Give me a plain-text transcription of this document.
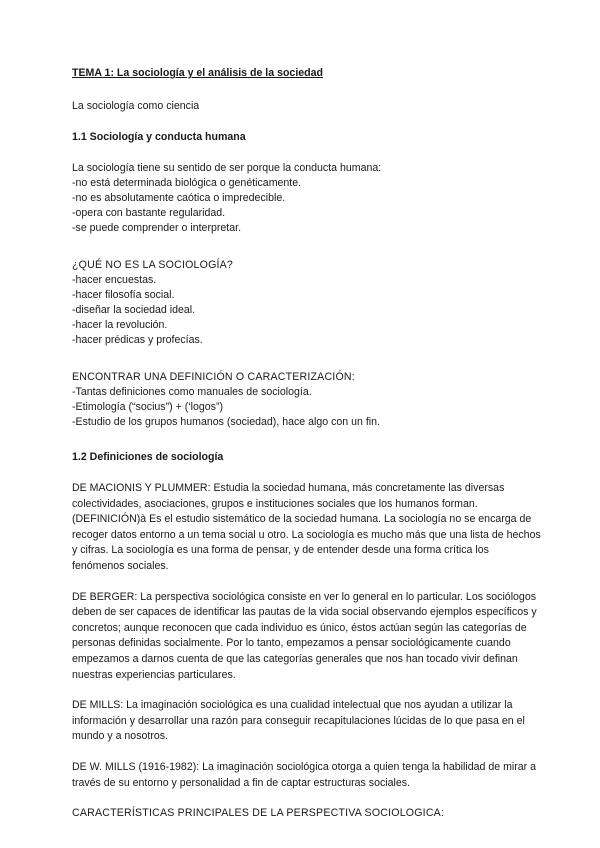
TEMA 1: La sociología y el análisis de la sociedad
La sociología como ciencia
1.1 Sociología y conducta humana
La sociología tiene su sentido de ser porque la conducta humana:
-no está determinada biológica o genéticamente.
-no es absolutamente caótica o impredecible.
-opera con bastante regularidad.
-se puede comprender o interpretar.
¿QUÉ NO ES LA SOCIOLOGÍA?
-hacer encuestas.
-hacer filosofía social.
-diseñar la sociedad ideal.
-hacer la revolución.
-hacer prédicas y profecías.
ENCONTRAR UNA DEFINICIÓN O CARACTERIZACIÓN:
-Tantas definiciones como manuales de sociología.
-Etimología (“socius”) + (‘logos”)
-Estudio de los grupos humanos (sociedad), hace algo con un fin.
1.2 Definiciones de sociología
DE MACIONIS Y PLUMMER: Estudia la sociedad humana, más concretamente las diversas colectividades, asociaciones, grupos e instituciones sociales que los humanos forman. (DEFINICIÓN)à Es el estudio sistemático de la sociedad humana. La sociología no se encarga de recoger datos entorno a un tema social u otro. La sociología es mucho más que una lista de hechos y cifras. La sociología es una forma de pensar, y de entender desde una forma crítica los fenómenos sociales.
DE BERGER: La perspectiva sociológica consiste en ver lo general en lo particular. Los sociólogos deben de ser capaces de identificar las pautas de la vida social observando ejemplos específicos y concretos; aunque reconocen que cada individuo es único, éstos actúan según las categorías de personas definidas socialmente. Por lo tanto, empezamos a pensar sociológicamente cuando empezamos a darnos cuenta de que las categorías generales que nos han tocado vivir definan nuestras experiencias particulares.
DE MILLS: La imaginación sociológica es una cualidad intelectual que nos ayudan a utilizar la información y desarrollar una razón para conseguir recapitulaciones lúcidas de lo que pasa en el mundo y a nosotros.
DE W. MILLS (1916-1982): La imaginación sociológica otorga a quien tenga la habilidad de mirar a través de su entorno y personalidad a fin de captar estructuras sociales.
CARACTERÍSTICAS PRINCIPALES DE LA PERSPECTIVA SOCIOLOGICA:
